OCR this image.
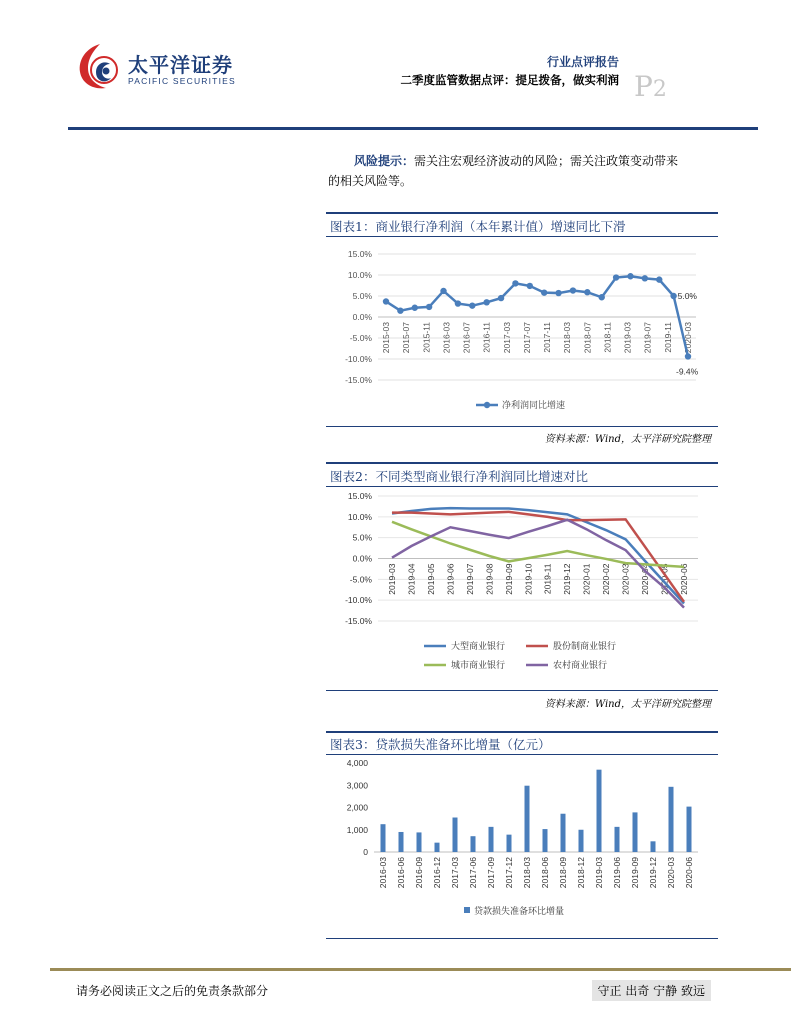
太平洋证券
PACIFIC SECURITIES
行业点评报告
二季度监管数据点评：提足拨备，做实利润 P2
风险提示：需关注宏观经济波动的风险；需关注政策变动带来
的相关风险等。
图表1：商业银行净利润（本年累计值）增速同比下滑
15.0%
10.0%
5.0%
0.0%
-5.0%
-10.0%
-15.0%
2015-03 2015-07 2015-11 2016-03 2016-07 2016-11 2017-03 2017-07 2017-11 2018-03 2018-07 2018-11 2019-03 2019-07 2019-11 2020-03
5.0%
-9.4%
净利润同比增速
资料来源：Wind，太平洋研究院整理
图表2：不同类型商业银行净利润同比增速对比
15.0%
10.0%
5.0%
0.0%
-5.0%
-10.0%
-15.0%
2019-03 2019-04 2019-05 2019-06 2019-07 2019-08 2019-09 2019-10 2019-11 2019-12 2020-01 2020-02 2020-03 2020-04 2020-05 2020-06
大型商业银行	股份制商业银行
城市商业银行	农村商业银行
资料来源：Wind，太平洋研究院整理
图表3：贷款损失准备环比增量（亿元）
4,000
3,000
2,000
1,000
0
2016-03 2016-06 2016-09 2016-12 2017-03 2017-06 2017-09 2017-12 2018-03 2018-06 2018-09 2018-12 2019-03 2019-06 2019-09 2019-12 2020-03 2020-06
贷款损失准备环比增量
请务必阅读正文之后的免责条款部分	守正 出奇 宁静 致远
